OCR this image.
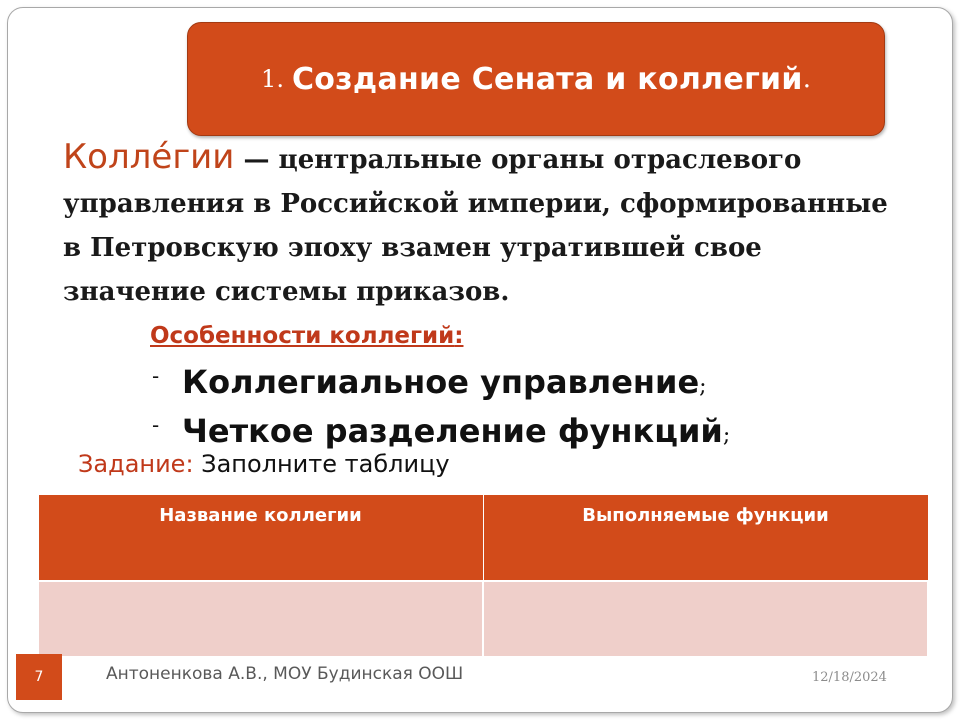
1. Создание Сената и коллегий .
Колле́гии — центральные органы отраслевого управления в Российской империи, сформированные в Петровскую эпоху взамен утратившей свое значение системы приказов.
Особенности коллегий:
- Коллегиальное управление;
- Четкое разделение функций;
Задание: Заполните таблицу
Название коллегии	Выполняемые функции

7	Антоненкова А.В., МОУ Будинская ООШ	12/18/2024
